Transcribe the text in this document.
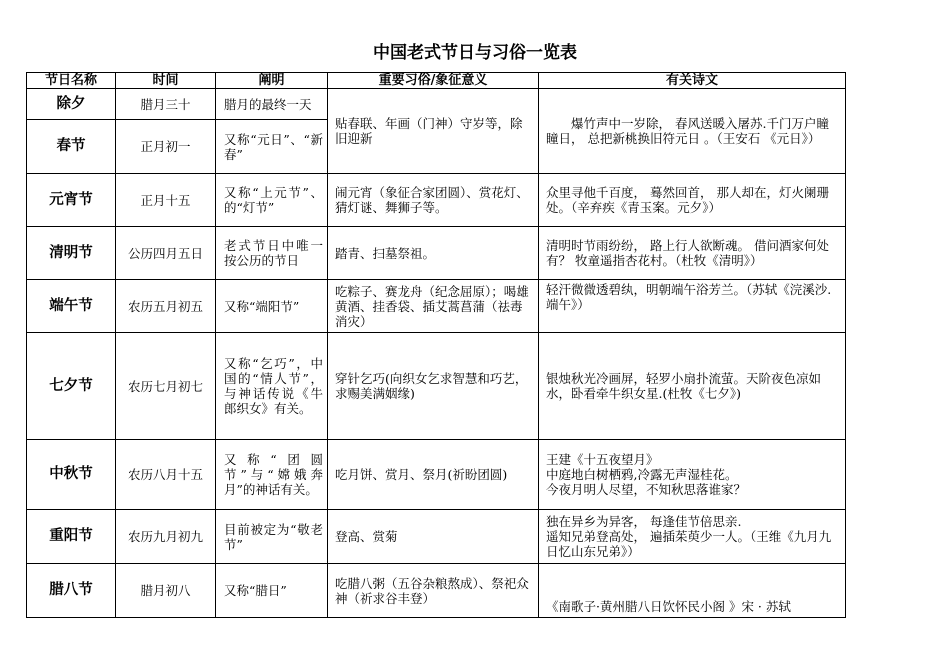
中国老式节日与习俗一览表
节日名称	时间	阐明	重要习俗/象征意义	有关诗文
除夕	腊月三十	腊月的最终一天	贴春联、年画（门神）守岁等，除旧迎新	爆竹声中一岁除， 春风送暖入屠苏.千门万户瞳瞳日， 总把新桃换旧符元日 。（王安石 《元日》）

春节	正月初一	又称“元日”、“新春”		
元宵节	正月十五	又称“上元节”、的“灯节”	闹元宵（象征合家团圆）、赏花灯、猜灯谜、舞狮子等。	众里寻他千百度， 蓦然回首， 那人却在，灯火阑珊处。（辛弃疾《青玉案。元夕》）

清明节	公历四月五日	老式节日中唯一按公历的节日	踏青、扫墓祭祖。	清明时节雨纷纷， 路上行人欲断魂。 借问酒家何处有？ 牧童遥指杏花村。（杜牧《清明》）

端午节	农历五月初五	又称“端阳节”	吃粽子、赛龙舟（纪念屈原）；喝雄黄酒、挂香袋、插艾蒿菖蒲（祛毒消灾）	轻汗微微透碧纨，明朝端午浴芳兰。（苏轼《浣溪沙.端午》）

七夕节	农历七月初七	又称“乞巧”，中国的“情人节”，与神话传说《牛郎织女》有关。	穿针乞巧(向织女乞求智慧和巧艺，求赐美满姻缘)	银烛秋光冷画屏，轻罗小扇扑流萤。天阶夜色凉如水，卧看牵牛织女星.(杜牧《七夕》)

中秋节	农历八月十五	又称“团圆节”与“嫦娥奔月”的神话有关。	吃月饼、赏月、祭月(祈盼团圆)	王建《十五夜望月》

中庭地白树栖鸦,冷露无声湿桂花。

今夜月明人尽望，不知秋思落谁家？

重阳节	农历九月初九	目前被定为“敬老节”	登高、赏菊	独在异乡为异客， 每逢佳节倍思亲.

遥知兄弟登高处， 遍插茱萸少一人。（王维《九月九日忆山东兄弟》）

腊八节	腊月初八	又称“腊日”	吃腊八粥（五谷杂粮熬成）、祭祀众神（祈求谷丰登）	《南歌子·黄州腊八日饮怀民小阁 》宋 · 苏轼
